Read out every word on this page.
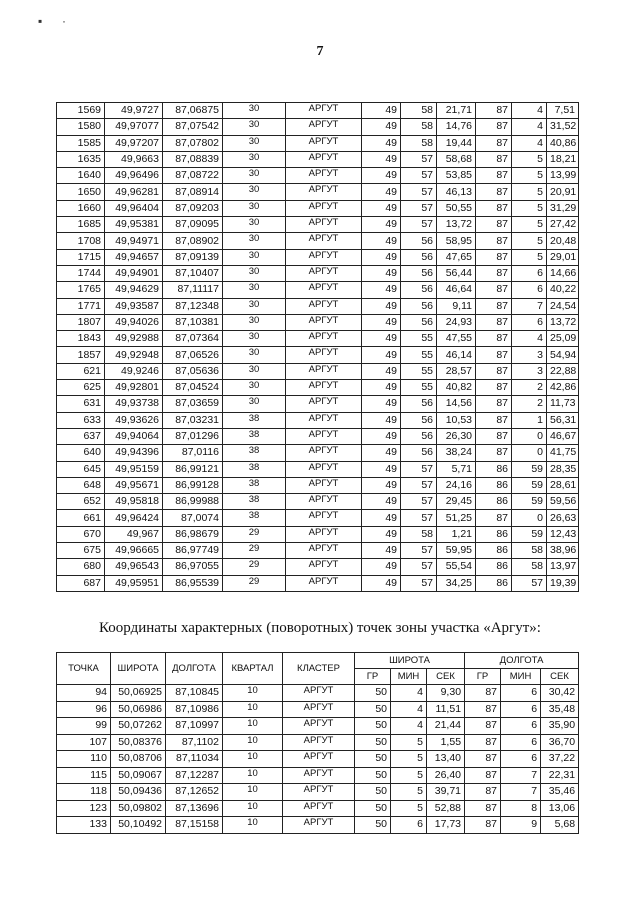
▪ ·
7
1569	49,9727	87,06875	30	АРГУТ	49	58	21,71	87	4	7,51
1580	49,97077	87,07542	30	АРГУТ	49	58	14,76	87	4	31,52
1585	49,97207	87,07802	30	АРГУТ	49	58	19,44	87	4	40,86
1635	49,9663	87,08839	30	АРГУТ	49	57	58,68	87	5	18,21
1640	49,96496	87,08722	30	АРГУТ	49	57	53,85	87	5	13,99
1650	49,96281	87,08914	30	АРГУТ	49	57	46,13	87	5	20,91
1660	49,96404	87,09203	30	АРГУТ	49	57	50,55	87	5	31,29
1685	49,95381	87,09095	30	АРГУТ	49	57	13,72	87	5	27,42
1708	49,94971	87,08902	30	АРГУТ	49	56	58,95	87	5	20,48
1715	49,94657	87,09139	30	АРГУТ	49	56	47,65	87	5	29,01
1744	49,94901	87,10407	30	АРГУТ	49	56	56,44	87	6	14,66
1765	49,94629	87,11117	30	АРГУТ	49	56	46,64	87	6	40,22
1771	49,93587	87,12348	30	АРГУТ	49	56	9,11	87	7	24,54
1807	49,94026	87,10381	30	АРГУТ	49	56	24,93	87	6	13,72
1843	49,92988	87,07364	30	АРГУТ	49	55	47,55	87	4	25,09
1857	49,92948	87,06526	30	АРГУТ	49	55	46,14	87	3	54,94
621	49,9246	87,05636	30	АРГУТ	49	55	28,57	87	3	22,88
625	49,92801	87,04524	30	АРГУТ	49	55	40,82	87	2	42,86
631	49,93738	87,03659	30	АРГУТ	49	56	14,56	87	2	11,73
633	49,93626	87,03231	38	АРГУТ	49	56	10,53	87	1	56,31
637	49,94064	87,01296	38	АРГУТ	49	56	26,30	87	0	46,67
640	49,94396	87,0116	38	АРГУТ	49	56	38,24	87	0	41,75
645	49,95159	86,99121	38	АРГУТ	49	57	5,71	86	59	28,35
648	49,95671	86,99128	38	АРГУТ	49	57	24,16	86	59	28,61
652	49,95818	86,99988	38	АРГУТ	49	57	29,45	86	59	59,56
661	49,96424	87,0074	38	АРГУТ	49	57	51,25	87	0	26,63
670	49,967	86,98679	29	АРГУТ	49	58	1,21	86	59	12,43
675	49,96665	86,97749	29	АРГУТ	49	57	59,95	86	58	38,96
680	49,96543	86,97055	29	АРГУТ	49	57	55,54	86	58	13,97
687	49,95951	86,95539	29	АРГУТ	49	57	34,25	86	57	19,39
Координаты характерных (поворотных) точек зоны участка «Аргут»:
ТОЧКА	ШИРОТА	ДОЛГОТА	КВАРТАЛ	КЛАСТЕР	ШИРОТА			ДОЛГОТА		
					ГР	МИН	СЕК	ГР	МИН	СЕК
94	50,06925	87,10845	10	АРГУТ	50	4	9,30	87	6	30,42
96	50,06986	87,10986	10	АРГУТ	50	4	11,51	87	6	35,48
99	50,07262	87,10997	10	АРГУТ	50	4	21,44	87	6	35,90
107	50,08376	87,1102	10	АРГУТ	50	5	1,55	87	6	36,70
110	50,08706	87,11034	10	АРГУТ	50	5	13,40	87	6	37,22
115	50,09067	87,12287	10	АРГУТ	50	5	26,40	87	7	22,31
118	50,09436	87,12652	10	АРГУТ	50	5	39,71	87	7	35,46
123	50,09802	87,13696	10	АРГУТ	50	5	52,88	87	8	13,06
133	50,10492	87,15158	10	АРГУТ	50	6	17,73	87	9	5,68
